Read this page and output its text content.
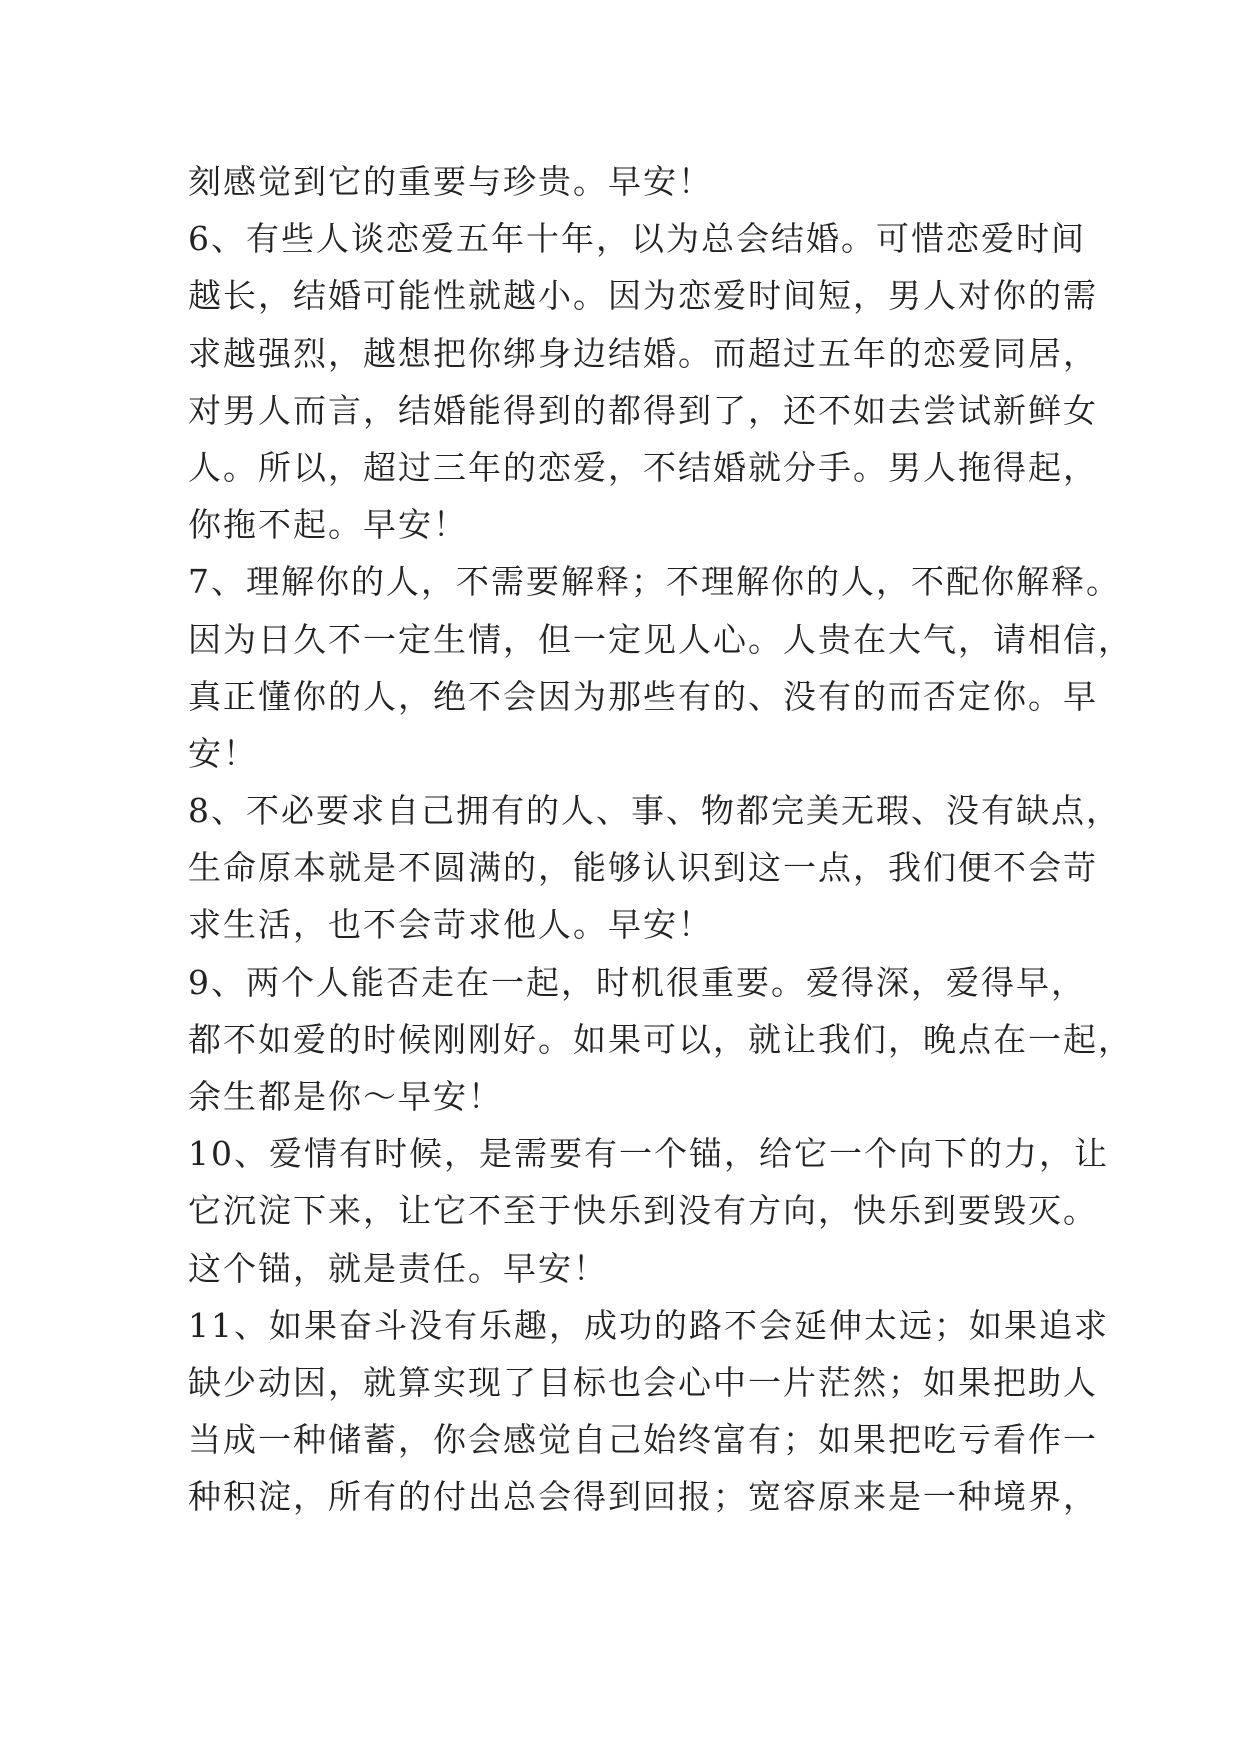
刻感觉到它的重要与珍贵。早安！
6、有些人谈恋爱五年十年，以为总会结婚。可惜恋爱时间
越长，结婚可能性就越小。因为恋爱时间短，男人对你的需
求越强烈，越想把你绑身边结婚。而超过五年的恋爱同居，
对男人而言，结婚能得到的都得到了，还不如去尝试新鲜女
人。所以，超过三年的恋爱，不结婚就分手。男人拖得起，
你拖不起。早安！
7、理解你的人，不需要解释；不理解你的人，不配你解释。
因为日久不一定生情，但一定见人心。人贵在大气，请相信，
真正懂你的人，绝不会因为那些有的、没有的而否定你。早
安！
8、不必要求自己拥有的人、事、物都完美无瑕、没有缺点，
生命原本就是不圆满的，能够认识到这一点，我们便不会苛
求生活，也不会苛求他人。早安！
9、两个人能否走在一起，时机很重要。爱得深，爱得早，
都不如爱的时候刚刚好。如果可以，就让我们，晚点在一起，
余生都是你～早安！
10、爱情有时候，是需要有一个锚，给它一个向下的力，让
它沉淀下来，让它不至于快乐到没有方向，快乐到要毁灭。
这个锚，就是责任。早安！
11、如果奋斗没有乐趣，成功的路不会延伸太远；如果追求
缺少动因，就算实现了目标也会心中一片茫然；如果把助人
当成一种储蓄，你会感觉自己始终富有；如果把吃亏看作一
种积淀，所有的付出总会得到回报；宽容原来是一种境界，
